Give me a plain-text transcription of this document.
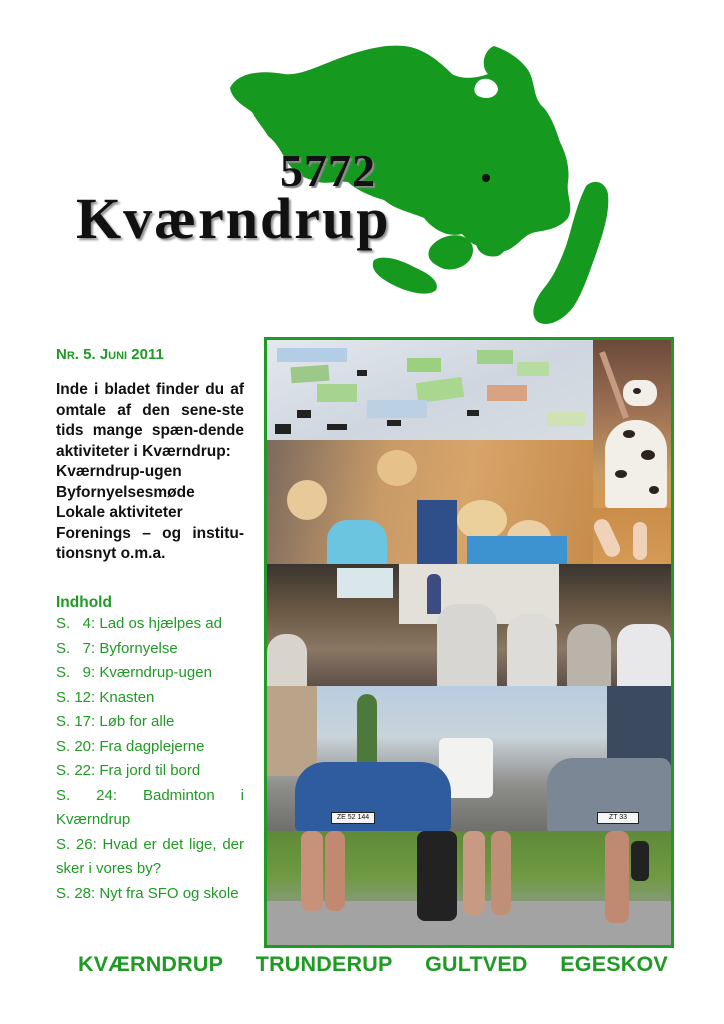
5772
Kværndrup
NR. 5. JUNI 2011

Inde i bladet finder du af omtale af den sene-ste tids mange spæn-dende aktiviteter i Kværndrup:

Kværndrup-ugen

Byfornyelsesmøde

Lokale aktiviteter

Forenings – og institu-tionsnyt o.m.a.

Indhold
S.   4: Lad os hjælpes ad
S.   7: Byfornyelse
S.   9: Kværndrup-ugen
S. 12: Knasten
S. 17: Løb for alle
S. 20: Fra dagplejerne
S. 22: Fra jord til bord
S. 24: Badminton i Kværndrup
S. 26: Hvad er det lige, der sker i vores by?
S. 28: Nyt fra SFO og skole
ZE 52 144	ZT 33
KVÆRNDRUP TRUNDERUP GULTVED EGESKOV
